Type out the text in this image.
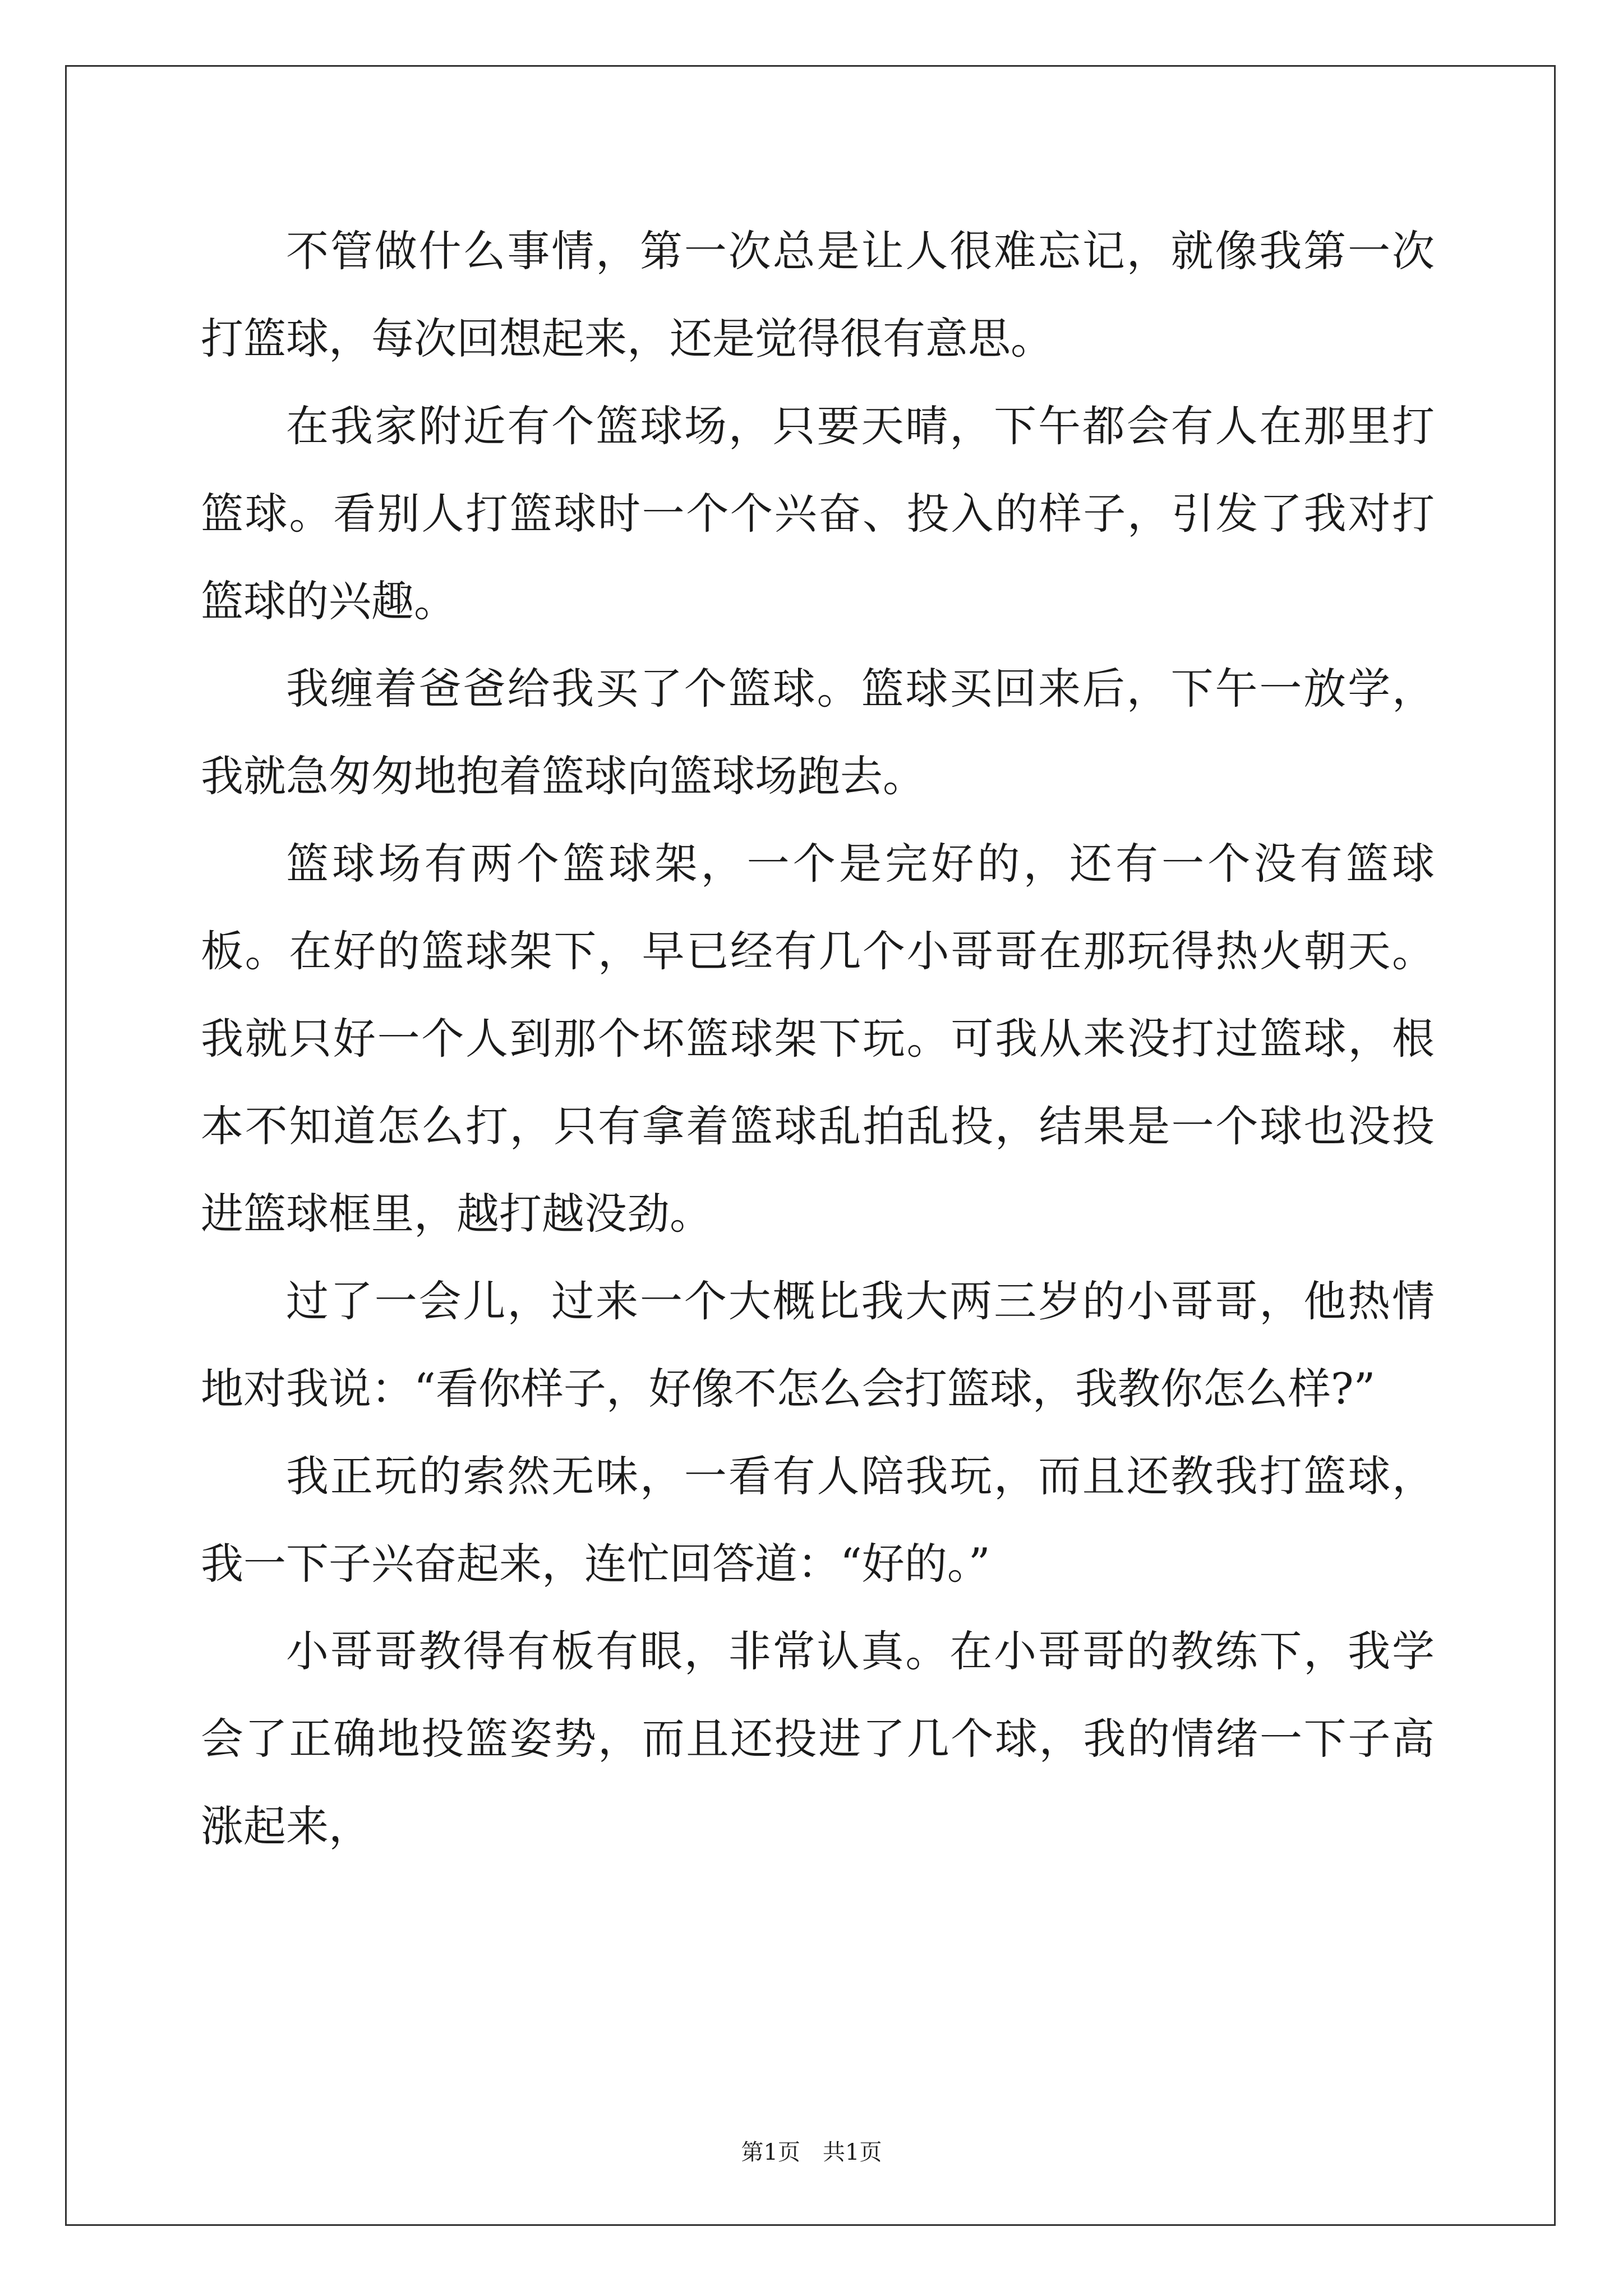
不管做什么事情，第一次总是让人很难忘记，就像我第一次打篮球，每次回想起来，还是觉得很有意思。

在我家附近有个篮球场，只要天晴，下午都会有人在那里打篮球。看别人打篮球时一个个兴奋、投入的样子，引发了我对打篮球的兴趣。

我缠着爸爸给我买了个篮球。篮球买回来后，下午一放学，我就急匆匆地抱着篮球向篮球场跑去。

篮球场有两个篮球架，一个是完好的，还有一个没有篮球板。在好的篮球架下，早已经有几个小哥哥在那玩得热火朝天。我就只好一个人到那个坏篮球架下玩。可我从来没打过篮球，根本不知道怎么打，只有拿着篮球乱拍乱投，结果是一个球也没投进篮球框里，越打越没劲。

过了一会儿，过来一个大概比我大两三岁的小哥哥，他热情地对我说：“看你样子，好像不怎么会打篮球，我教你怎么样?”

我正玩的索然无味，一看有人陪我玩，而且还教我打篮球，我一下子兴奋起来，连忙回答道：“好的。”

小哥哥教得有板有眼，非常认真。在小哥哥的教练下，我学会了正确地投篮姿势，而且还投进了几个球，我的情绪一下子高涨起来，

第1页　共1页
